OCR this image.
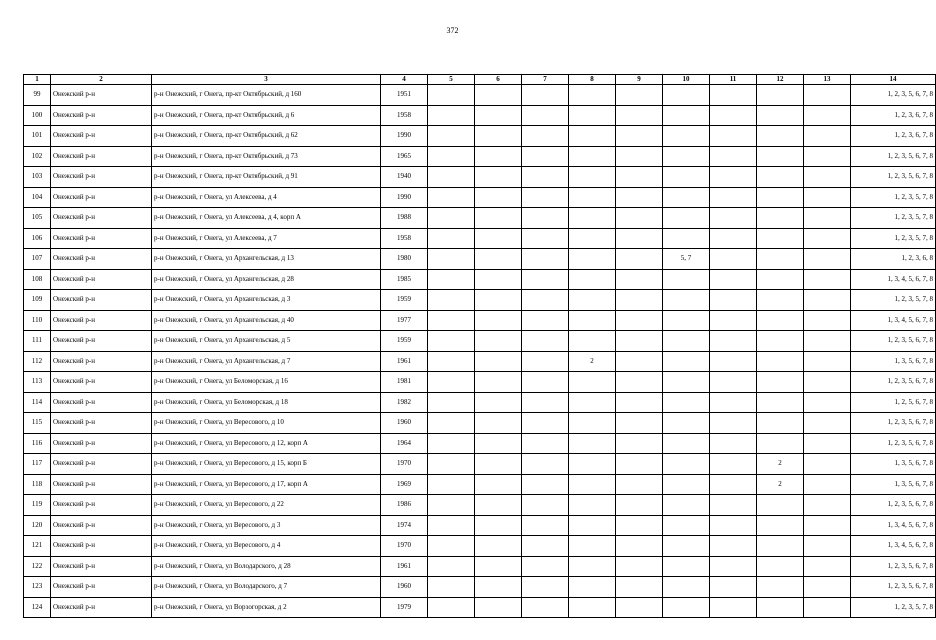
372
1	2	3	4	5	6	7	8	9	10	11	12	13	14
99	Онежский р-н	р-н Онежский, г Онега, пр-кт Октябрьский, д 160	1951										1, 2, 3, 5, 6, 7, 8
100	Онежский р-н	р-н Онежский, г Онега, пр-кт Октябрьский, д 6	1958										1, 2, 3, 6, 7, 8
101	Онежский р-н	р-н Онежский, г Онега, пр-кт Октябрьский, д 62	1990										1, 2, 3, 6, 7, 8
102	Онежский р-н	р-н Онежский, г Онега, пр-кт Октябрьский, д 73	1965										1, 2, 3, 5, 6, 7, 8
103	Онежский р-н	р-н Онежский, г Онега, пр-кт Октябрьский, д 91	1940										1, 2, 3, 5, 6, 7, 8
104	Онежский р-н	р-н Онежский, г Онега, ул Алексеева, д 4	1990										1, 2, 3, 5, 7, 8
105	Онежский р-н	р-н Онежский, г Онега, ул Алексеева, д 4, корп А	1988										1, 2, 3, 5, 7, 8
106	Онежский р-н	р-н Онежский, г Онега, ул Алексеева, д 7	1958										1, 2, 3, 5, 7, 8
107	Онежский р-н	р-н Онежский, г Онега, ул Архангельская, д 13	1980						5, 7				1, 2, 3, 6, 8
108	Онежский р-н	р-н Онежский, г Онега, ул Архангельская, д 28	1985										1, 3, 4, 5, 6, 7, 8
109	Онежский р-н	р-н Онежский, г Онега, ул Архангельская, д 3	1959										1, 2, 3, 5, 7, 8
110	Онежский р-н	р-н Онежский, г Онега, ул Архангельская, д 40	1977										1, 3, 4, 5, 6, 7, 8
111	Онежский р-н	р-н Онежский, г Онега, ул Архангельская, д 5	1959										1, 2, 3, 5, 6, 7, 8
112	Онежский р-н	р-н Онежский, г Онега, ул Архангельская, д 7	1961				2						1, 3, 5, 6, 7, 8
113	Онежский р-н	р-н Онежский, г Онега, ул Беломорская, д 16	1981										1, 2, 3, 5, 6, 7, 8
114	Онежский р-н	р-н Онежский, г Онега, ул Беломорская, д 18	1982										1, 2, 5, 6, 7, 8
115	Онежский р-н	р-н Онежский, г Онега, ул Вересового, д 10	1960										1, 2, 3, 5, 6, 7, 8
116	Онежский р-н	р-н Онежский, г Онега, ул Вересового, д 12, корп А	1964										1, 2, 3, 5, 6, 7, 8
117	Онежский р-н	р-н Онежский, г Онега, ул Вересового, д 15, корп Б	1970								2		1, 3, 5, 6, 7, 8
118	Онежский р-н	р-н Онежский, г Онега, ул Вересового, д 17, корп А	1969								2		1, 3, 5, 6, 7, 8
119	Онежский р-н	р-н Онежский, г Онега, ул Вересового, д 22	1986										1, 2, 3, 5, 6, 7, 8
120	Онежский р-н	р-н Онежский, г Онега, ул Вересового, д 3	1974										1, 3, 4, 5, 6, 7, 8
121	Онежский р-н	р-н Онежский, г Онега, ул Вересового, д 4	1970										1, 3, 4, 5, 6, 7, 8
122	Онежский р-н	р-н Онежский, г Онега, ул Володарского, д 28	1961										1, 2, 3, 5, 6, 7, 8
123	Онежский р-н	р-н Онежский, г Онега, ул Володарского, д 7	1960										1, 2, 3, 5, 6, 7, 8
124	Онежский р-н	р-н Онежский, г Онега, ул Ворзогорская, д 2	1979										1, 2, 3, 5, 7, 8
